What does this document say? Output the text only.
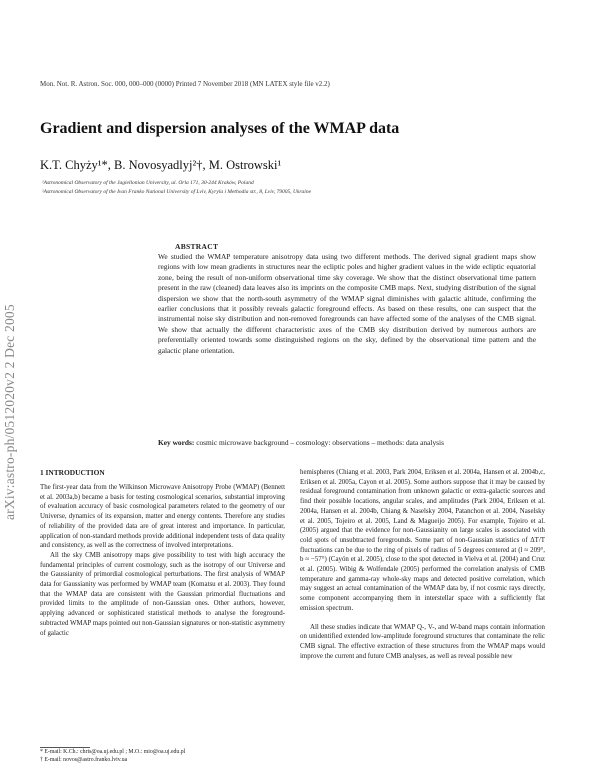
Mon. Not. R. Astron. Soc. 000, 000–000 (0000) Printed 7 November 2018 (MN LATEX style file v2.2)
Gradient and dispersion analyses of the WMAP data
K.T. Chyży¹*, B. Novosyadlyj²†, M. Ostrowski¹
¹Astronomical Observatory of the Jagiellonian University, ul. Orla 171, 30-244 Kraków, Poland
²Astronomical Observatory of the Ivan Franko National University of Lviv, Kyryla i Methodia str., 8, Lviv, 79005, Ukraine
arXiv:astro-ph/0512020v2 2 Dec 2005
ABSTRACT
We studied the WMAP temperature anisotropy data using two different methods. The derived signal gradient maps show regions with low mean gradients in structures near the ecliptic poles and higher gradient values in the wide ecliptic equatorial zone, being the result of non-uniform observational time sky coverage. We show that the distinct observational time pattern present in the raw (cleaned) data leaves also its imprints on the composite CMB maps. Next, studying distribution of the signal dispersion we show that the north-south asymmetry of the WMAP signal diminishes with galactic altitude, confirming the earlier conclusions that it possibly reveals galactic foreground effects. As based on these results, one can suspect that the instrumental noise sky distribution and non-removed foregrounds can have affected some of the analyses of the CMB signal. We show that actually the different characteristic axes of the CMB sky distribution derived by numerous authors are preferentially oriented towards some distinguished regions on the sky, defined by the observational time pattern and the galactic plane orientation.
Key words: cosmic microwave background – cosmology: observations – methods: data analysis
1 INTRODUCTION

The first-year data from the Wilkinson Microwave Anisotropy Probe (WMAP) (Bennett et al. 2003a,b) became a basis for testing cosmological scenarios, substantial improving of evaluation accuracy of basic cosmological parameters related to the geometry of our Universe, dynamics of its expansion, matter and energy contents. Therefore any studies of reliability of the provided data are of great interest and importance. In particular, application of non-standard methods provide additional independent tests of data quality and consistency, as well as the correctness of involved interpretations.

All the sky CMB anisotropy maps give possibility to test with high accuracy the fundamental principles of current cosmology, such as the isotropy of our Universe and the Gaussianity of primordial cosmological perturbations. The first analysis of WMAP data for Gaussianity was performed by WMAP team (Komatsu et al. 2003). They found that the WMAP data are consistent with the Gaussian primordial fluctuations and provided limits to the amplitude of non-Gaussian ones. Other authors, however, applying advanced or sophisticated statistical methods to analyse the foreground-subtracted WMAP maps pointed out non-Gaussian signatures or non-statistic asymmetry of galactic

hemispheres (Chiang et al. 2003, Park 2004, Eriksen et al. 2004a, Hansen et al. 2004b,c, Eriksen et al. 2005a, Cayon et al. 2005). Some authors suppose that it may be caused by residual foreground contamination from unknown galactic or extra-galactic sources and find their possible locations, angular scales, and amplitudes (Park 2004, Eriksen et al. 2004a, Hansen et al. 2004b, Chiang & Naselsky 2004, Patanchon et al. 2004, Naselsky et al. 2005, Tojeiro et al. 2005, Land & Magueijo 2005). For example, Tojeiro et al. (2005) argued that the evidence for non-Gaussianity on large scales is associated with cold spots of unsubtracted foregrounds. Some part of non-Gaussian statistics of ΔT/T fluctuations can be due to the ring of pixels of radius of 5 degrees centered at (l ≈ 209°, b ≈ −57°) (Cayón et al. 2005), close to the spot detected in Vielva et al. (2004) and Cruz et al. (2005). Wibig & Wolfendale (2005) performed the correlation analysis of CMB temperature and gamma-ray whole-sky maps and detected positive correlation, which may suggest an actual contamination of the WMAP data by, if not cosmic rays directly, some component accompanying them in interstellar space with a sufficiently flat emission spectrum.

All these studies indicate that WMAP Q-, V-, and W-band maps contain information on unidentified extended low-amplitude foreground structures that contaminate the relic CMB signal. The effective extraction of these structures from the WMAP maps would improve the current and future CMB analyses, as well as reveal possible new

* E-mail: K.Ch.: chris@oa.uj.edu.pl ; M.O.: mio@oa.uj.edu.pl
† E-mail: novos@astro.franko.lviv.ua
